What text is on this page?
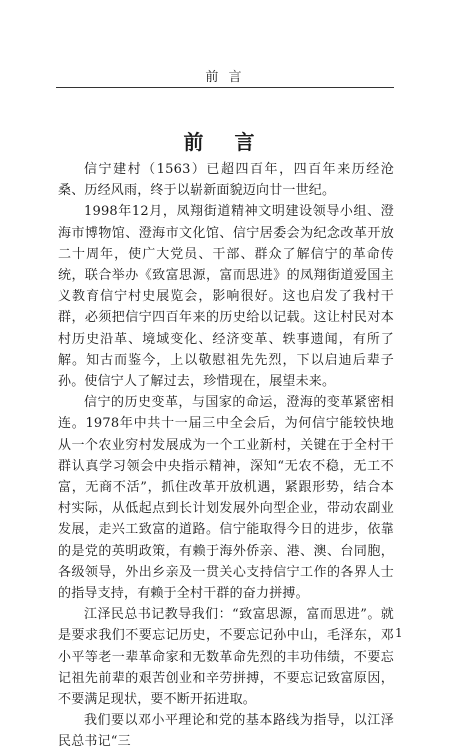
前 言
前 言

信宁建村（1563）已超四百年，四百年来历经沧桑、历经风雨，终于以崭新面貌迈向廿一世纪。

1998年12月，凤翔街道精神文明建设领导小组、澄海市博物馆、澄海市文化馆、信宁居委会为纪念改革开放二十周年，使广大党员、干部、群众了解信宁的革命传统，联合举办《致富思源，富而思进》的凤翔街道爱国主义教育信宁村史展览会，影响很好。这也启发了我村干群，必须把信宁四百年来的历史给以记载。这让村民对本村历史沿革、境域变化、经济变革、轶事遗闻，有所了解。知古而鉴今，上以敬慰祖先先烈，下以启迪后辈子孙。使信宁人了解过去，珍惜现在，展望未来。

信宁的历史变革，与国家的命运，澄海的变革紧密相连。1978年中共十一届三中全会后，为何信宁能较快地从一个农业穷村发展成为一个工业新村，关键在于全村干群认真学习领会中央指示精神，深知“无农不稳，无工不富，无商不活”，抓住改革开放机遇，紧跟形势，结合本村实际，从低起点到长计划发展外向型企业，带动农副业发展，走兴工致富的道路。信宁能取得今日的进步，依靠的是党的英明政策，有赖于海外侨亲、港、澳、台同胞，各级领导，外出乡亲及一贯关心支持信宁工作的各界人士的指导支持，有赖于全村干群的奋力拼搏。

江泽民总书记教导我们：“致富思源，富而思进”。就是要求我们不要忘记历史，不要忘记孙中山，毛泽东，邓小平等老一辈革命家和无数革命先烈的丰功伟绩，不要忘记祖先前辈的艰苦创业和辛劳拼搏，不要忘记致富原因，不要满足现状，要不断开拓进取。

我们要以邓小平理论和党的基本路线为指导，以江泽民总书记“三

1
